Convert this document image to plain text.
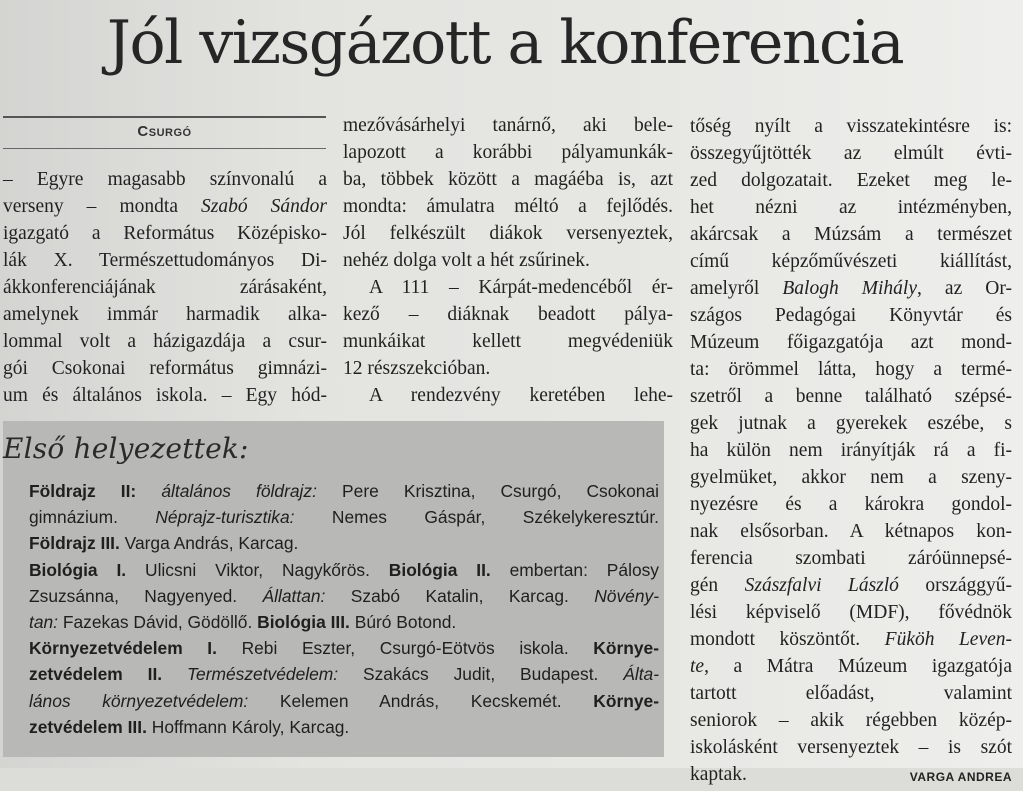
Jól vizsgázott a konferencia
Csurgó
– Egyre magasabb színvonalú a
verseny – mondta Szabó Sándor
igazgató a Református Középisko-
lák X. Természettudományos Di-
ákkonferenciájának zárásaként,
amelynek immár harmadik alka-
lommal volt a házigazdája a csur-
gói Csokonai református gimnázi-
um és általános iskola. – Egy hód-
mezővásárhelyi tanárnő, aki bele-
lapozott a korábbi pályamunkák-
ba, többek között a magáéba is, azt
mondta: ámulatra méltó a fejlődés.
Jól felkészült diákok versenyeztek,
nehéz dolga volt a hét zsűrinek.
A 111 – Kárpát-medencéből ér-
kező – diáknak beadott pálya-
munkáikat kellett megvédeniük
12 részszekcióban.
A rendezvény keretében lehe-
tőség nyílt a visszatekintésre is:
összegyűjtötték az elmúlt évti-
zed dolgozatait. Ezeket meg le-
het nézni az intézményben,
akárcsak a Múzsám a természet
című képzőművészeti kiállítást,
amelyről Balogh Mihály, az Or-
szágos Pedagógai Könyvtár és
Múzeum főigazgatója azt mond-
ta: örömmel látta, hogy a termé-
szetről a benne található szépsé-
gek jutnak a gyerekek eszébe, s
ha külön nem irányítják rá a fi-
gyelmüket, akkor nem a szeny-
nyezésre és a károkra gondol-
nak elsősorban. A kétnapos kon-
ferencia szombati záróünnepsé-
gén Szászfalvi László országgyű-
lési képviselő (MDF), fővédnök
mondott köszöntőt. Füköh Leven-
te, a Mátra Múzeum igazgatója
tartott előadást, valamint
seniorok – akik régebben közép-
iskolásként versenyeztek – is szót
kaptak.	VARGA ANDREA
Első helyezettek:
Földrajz II: általános földrajz: Pere Krisztina, Csurgó, Csokonai
gimnázium. Néprajz-turisztika: Nemes Gáspár, Székelykeresztúr.
Földrajz III. Varga András, Karcag.
Biológia I. Ulicsni Viktor, Nagykőrös. Biológia II. embertan: Pálosy
Zsuzsánna, Nagyenyed. Állattan: Szabó Katalin, Karcag. Növény-
tan: Fazekas Dávid, Gödöllő. Biológia III. Búró Botond.
Környezetvédelem I. Rebi Eszter, Csurgó-Eötvös iskola. Környe-
zetvédelem II. Természetvédelem: Szakács Judit, Budapest. Álta-
lános környezetvédelem: Kelemen András, Kecskemét. Környe-
zetvédelem III. Hoffmann Károly, Karcag.
